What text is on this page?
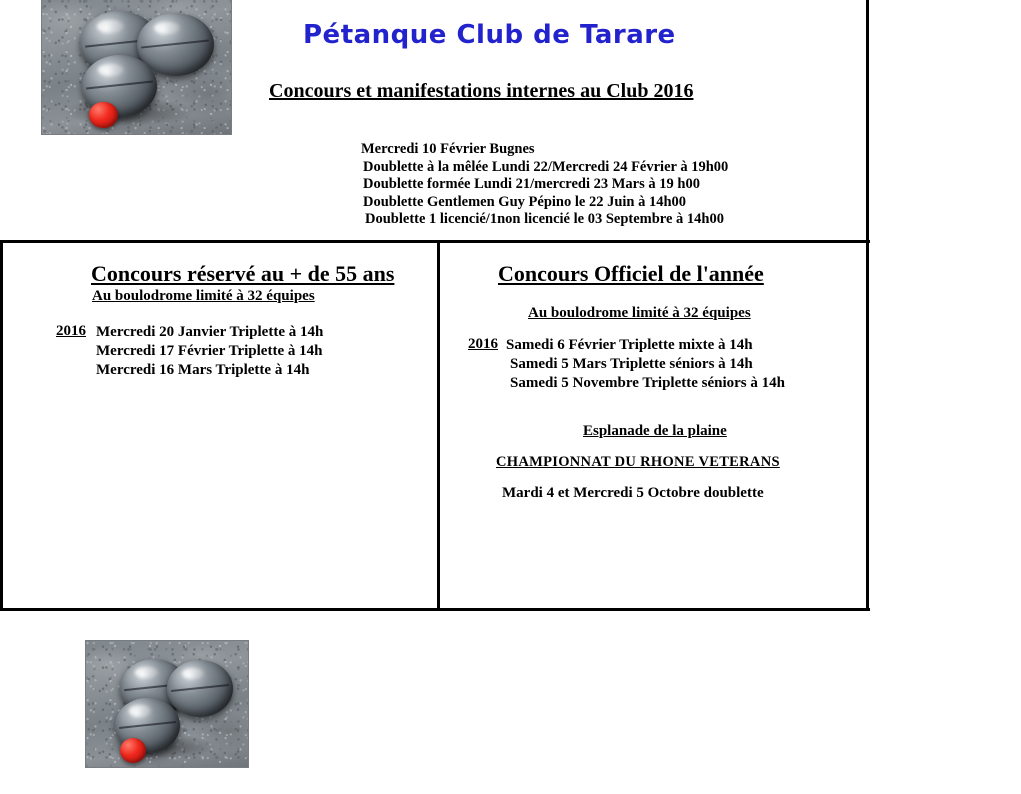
Pétanque Club de Tarare
Concours et manifestations internes au Club 2016
Mercredi 10 Février Bugnes
Doublette à la mêlée Lundi 22/Mercredi 24 Février à 19h00
Doublette formée Lundi 21/mercredi 23 Mars à 19 h00
Doublette Gentlemen Guy Pépino le 22 Juin à 14h00
Doublette 1 licencié/1non licencié le 03 Septembre à 14h00
Concours réservé au + de 55 ans
Au boulodrome limité à 32 équipes
2016 Mercredi 20 Janvier Triplette à 14h
Mercredi 17 Février Triplette à 14h
Mercredi 16 Mars Triplette à 14h
Concours Officiel de l'année
Au boulodrome limité à 32 équipes
2016 Samedi 6 Février Triplette mixte à 14h
Samedi 5 Mars Triplette séniors à 14h
Samedi 5 Novembre Triplette séniors à 14h
Esplanade de la plaine
CHAMPIONNAT DU RHONE VETERANS
Mardi 4 et Mercredi 5 Octobre doublette
